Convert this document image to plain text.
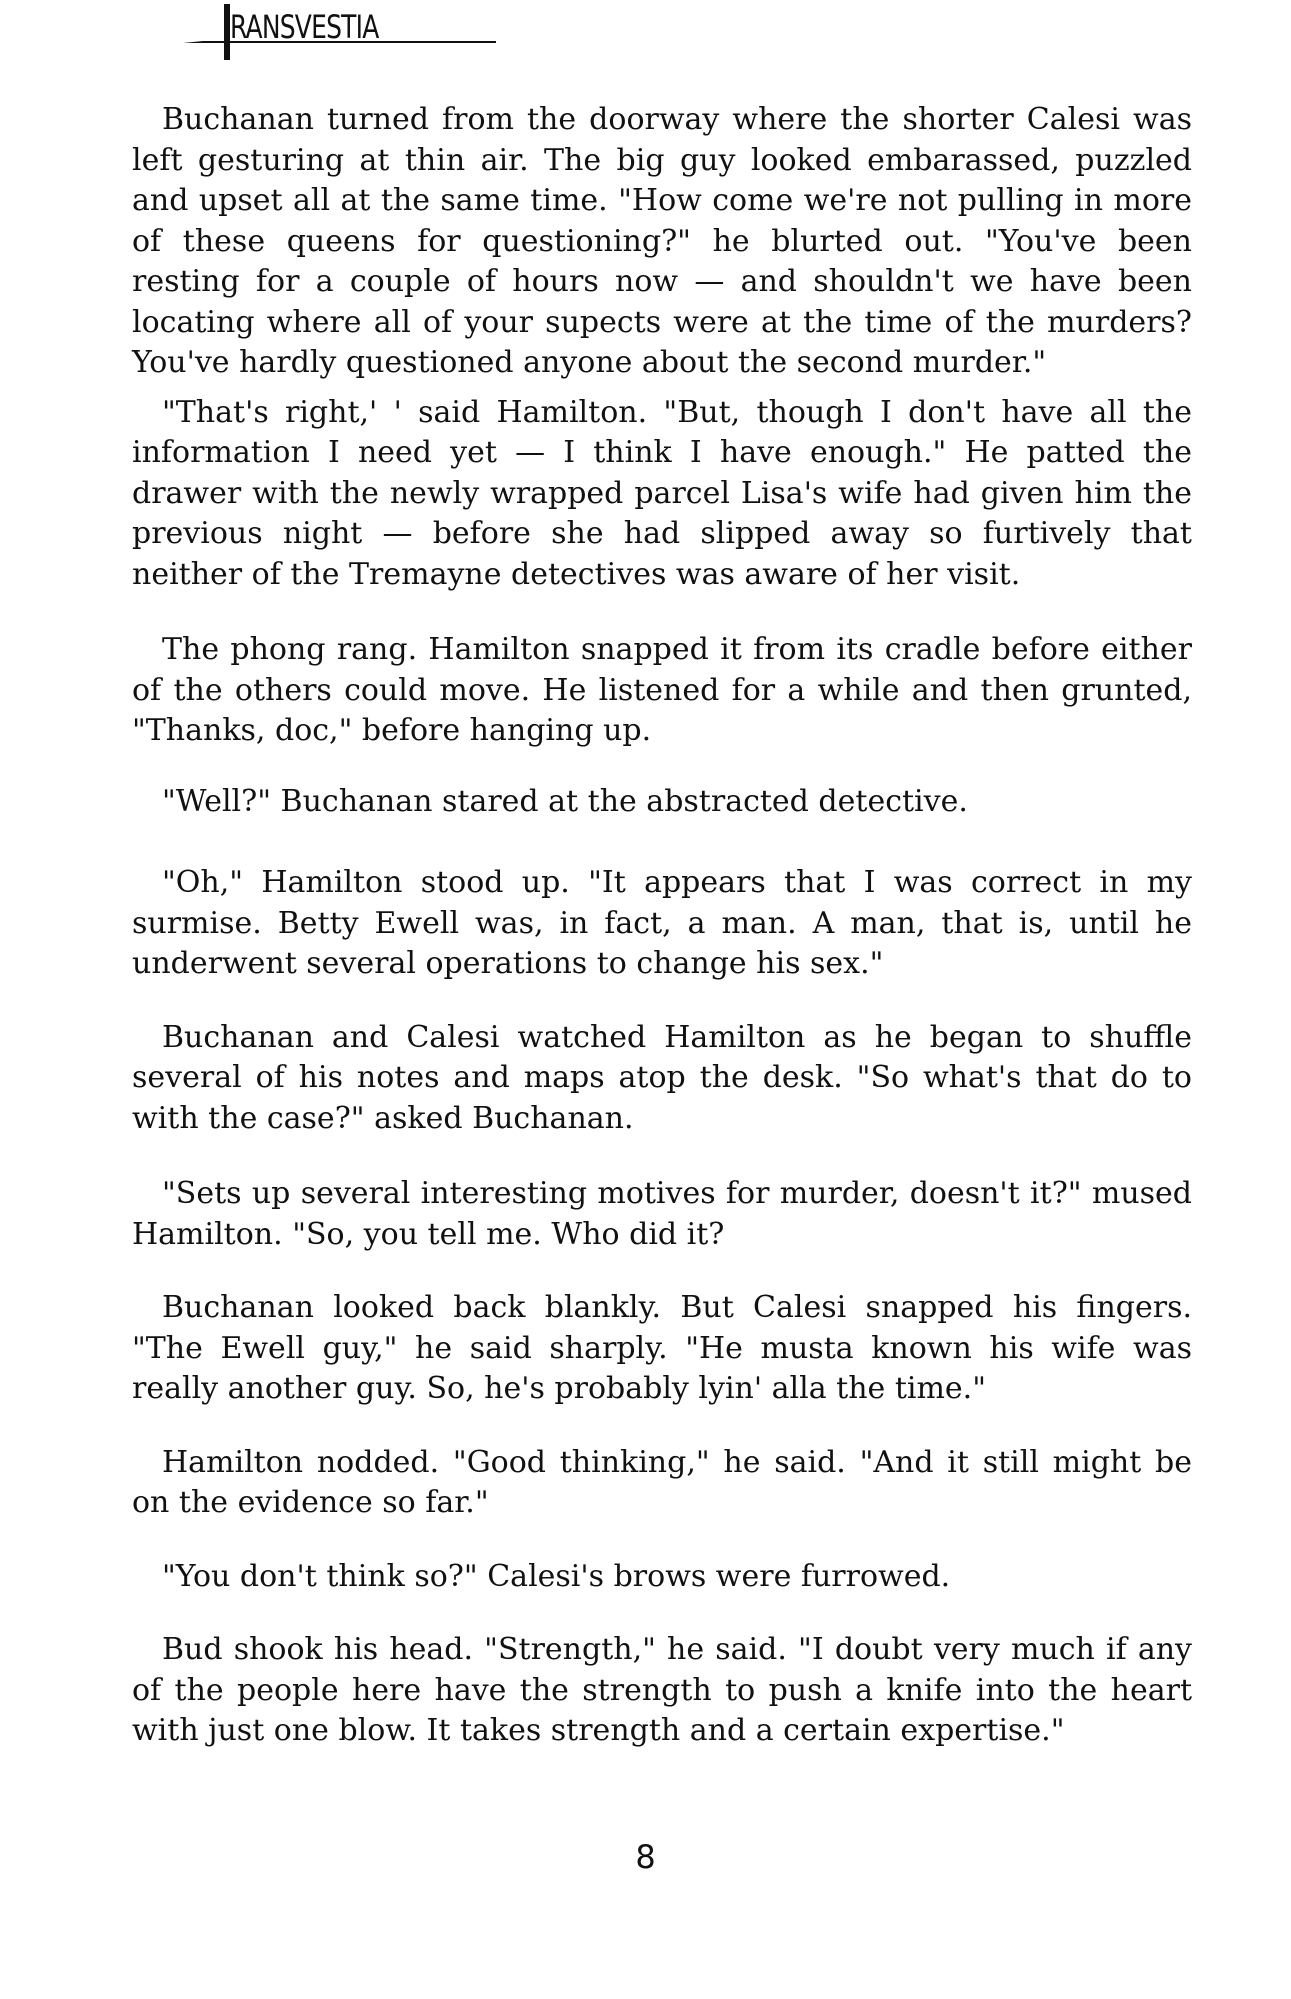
RANSVESTIA

Buchanan turned from the doorway where the shorter Calesi was left gesturing at thin air. The big guy looked embarassed, puzzled and upset all at the same time. "How come we're not pulling in more of these queens for questioning?" he blurted out. "You've been resting for a couple of hours now — and shouldn't we have been locating where all of your supects were at the time of the murders? You've hardly questioned anyone about the second murder."

"That's right,' ' said Hamilton. "But, though I don't have all the information I need yet — I think I have enough." He patted the drawer with the newly wrapped parcel Lisa's wife had given him the previous night — before she had slipped away so furtively that neither of the Tremayne detectives was aware of her visit.

The phong rang. Hamilton snapped it from its cradle before either of the others could move. He listened for a while and then grunted, "Thanks, doc," before hanging up.

"Well?" Buchanan stared at the abstracted detective.

"Oh," Hamilton stood up. "It appears that I was correct in my surmise. Betty Ewell was, in fact, a man. A man, that is, until he underwent several operations to change his sex."

Buchanan and Calesi watched Hamilton as he began to shuffle several of his notes and maps atop the desk. "So what's that do to with the case?" asked Buchanan.

"Sets up several interesting motives for murder, doesn't it?" mused Hamilton. "So, you tell me. Who did it?

Buchanan looked back blankly. But Calesi snapped his fingers. "The Ewell guy," he said sharply. "He musta known his wife was really another guy. So, he's probably lyin' alla the time."

Hamilton nodded. "Good thinking," he said. "And it still might be on the evidence so far."

"You don't think so?" Calesi's brows were furrowed.

Bud shook his head. "Strength," he said. "I doubt very much if any of the people here have the strength to push a knife into the heart with just one blow. It takes strength and a certain expertise."

8
